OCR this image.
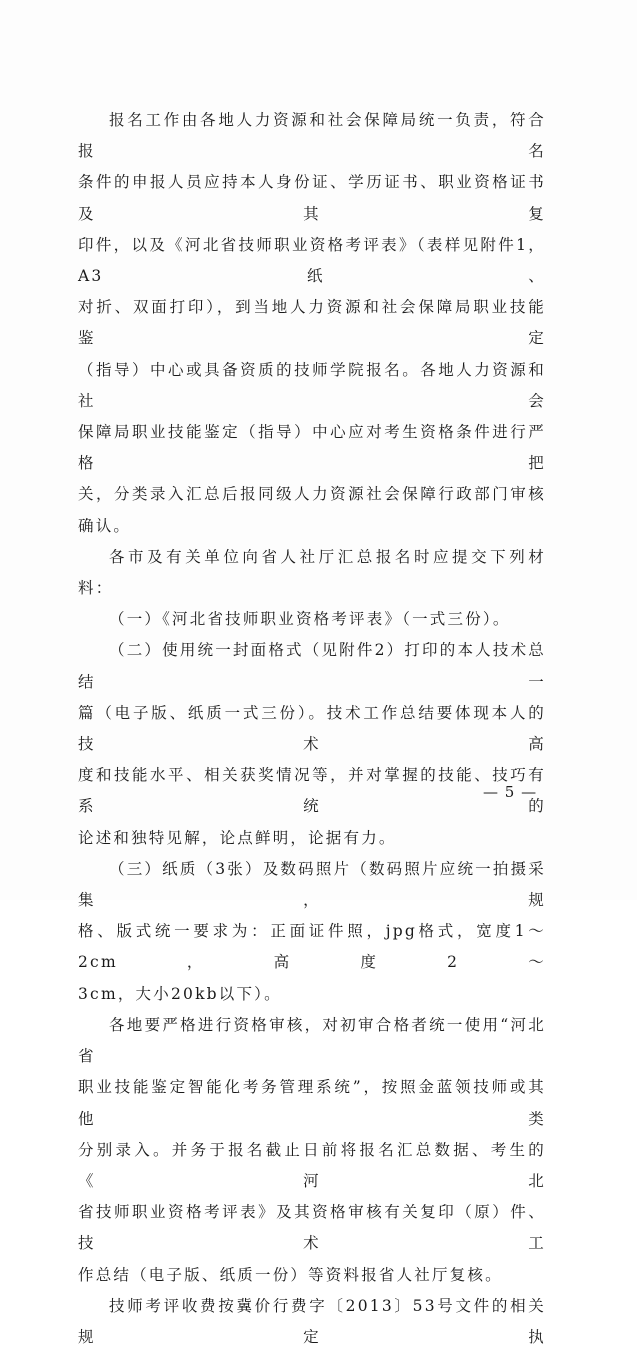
报名工作由各地人力资源和社会保障局统一负责，符合报名

条件的申报人员应持本人身份证、学历证书、职业资格证书及其复

印件，以及《河北省技师职业资格考评表》（表样见附件1，A3纸、

对折、双面打印），到当地人力资源和社会保障局职业技能鉴定

（指导）中心或具备资质的技师学院报名。各地人力资源和社会

保障局职业技能鉴定（指导）中心应对考生资格条件进行严格把

关，分类录入汇总后报同级人力资源社会保障行政部门审核确认。

各市及有关单位向省人社厅汇总报名时应提交下列材料：

（一）《河北省技师职业资格考评表》（一式三份）。

（二）使用统一封面格式（见附件2）打印的本人技术总结一

篇（电子版、纸质一式三份）。技术工作总结要体现本人的技术高

度和技能水平、相关获奖情况等，并对掌握的技能、技巧有系统的

论述和独特见解，论点鲜明，论据有力。

（三）纸质（3张）及数码照片（数码照片应统一拍摄采集，规

格、版式统一要求为：正面证件照，jpg格式，宽度1～2cm，高度2～

3cm，大小20kb以下）。

各地要严格进行资格审核，对初审合格者统一使用“河北省

职业技能鉴定智能化考务管理系统”，按照金蓝领技师或其他类

分别录入。并务于报名截止日前将报名汇总数据、考生的《河北

省技师职业资格考评表》及其资格审核有关复印（原）件、技术工

作总结（电子版、纸质一份）等资料报省人社厅复核。

技师考评收费按冀价行费字〔2013〕53号文件的相关规定执

— 5 —
